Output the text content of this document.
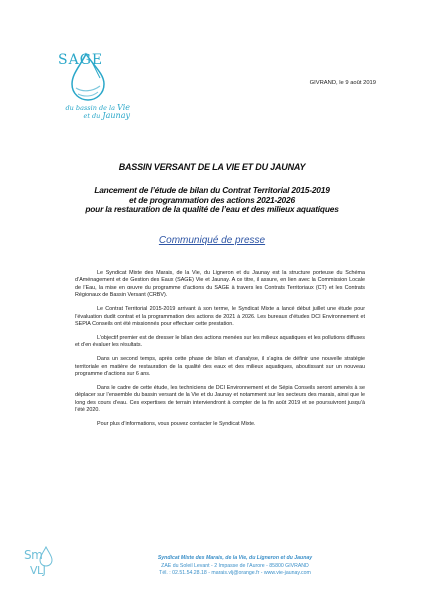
SAGE
du bassin de la Vie
et du Jaunay
GIVRAND, le 9 août 2019
BASSIN VERSANT DE LA VIE ET DU JAUNAY
Lancement de l’étude de bilan du Contrat Territorial 2015-2019
et de programmation des actions 2021-2026
pour la restauration de la qualité de l’eau et des milieux aquatiques
Communiqué de presse

Le Syndicat Mixte des Marais, de la Vie, du Ligneron et du Jaunay est la structure porteuse du Schéma d’Aménagement et de Gestion des Eaux (SAGE) Vie et Jaunay. A ce titre, il assure, en lien avec la Commission Locale de l’Eau, la mise en œuvre du programme d’actions du SAGE à travers les Contrats Territoriaux (CT) et les Contrats Régionaux de Bassin Versant (CRBV).

Le Contrat Territorial 2015-2019 arrivant à son terme, le Syndicat Mixte a lancé début juillet une étude pour l’évaluation dudit contrat et la programmation des actions de 2021 à 2026. Les bureaux d’études DCI Environnement et SEPIA Conseils ont été missionnés pour effectuer cette prestation.

L’objectif premier est de dresser le bilan des actions menées sur les milieux aquatiques et les pollutions diffuses et d’en évaluer les résultats.

Dans un second temps, après cette phase de bilan et d’analyse, il s’agira de définir une nouvelle stratégie territoriale en matière de restauration de la qualité des eaux et des milieux aquatiques, aboutissant sur un nouveau programme d’actions sur 6 ans.

Dans le cadre de cette étude, les techniciens de DCI Environnement et de Sépia Conseils seront amenés à se déplacer sur l’ensemble du bassin versant de la Vie et du Jaunay et notamment sur les secteurs des marais, ainsi que le long des cours d’eau. Ces expertises de terrain interviendront à compter de la fin août 2019 et se poursuivront jusqu’à l’été 2020.

Pour plus d’informations, vous pouvez contacter le Syndicat Mixte.

Sm
VLJ
Syndicat Mixte des Marais, de la Vie, du Ligneron et du Jaunay
ZAE du Soleil Levant - 2 Impasse de l’Aurore - 85800 GIVRAND
Tél. : 02.51.54.28.18 - marais.vlj@orange.fr - www.vie-jaunay.com
